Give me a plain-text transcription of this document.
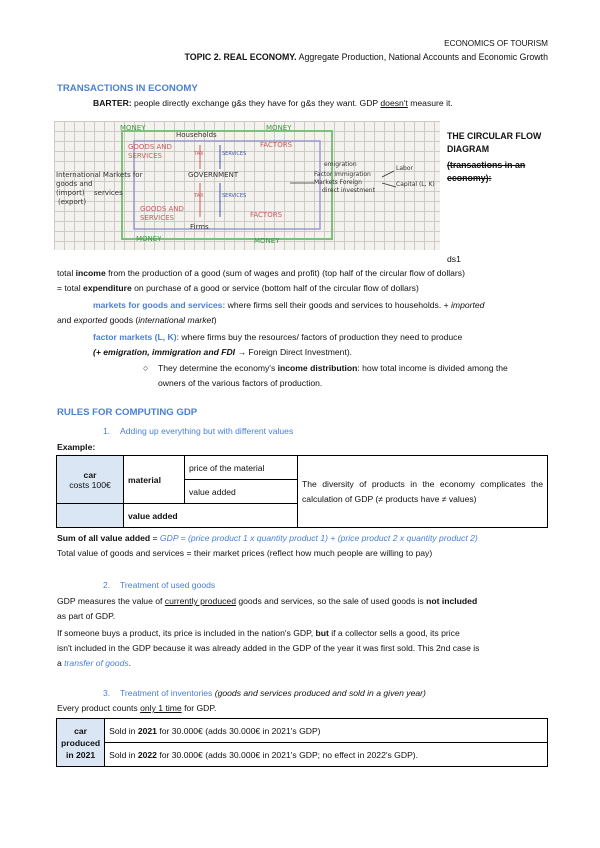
ECONOMICS OF TOURISM
TOPIC 2. REAL ECONOMY. Aggregate Production, National Accounts and Economic Growth
TRANSACTIONS IN ECONOMY
BARTER: people directly exchange g&s they have for g&s they want. GDP doesn't measure it.
MONEY	MONEY
Households
GOODS AND SERVICES
FACTORS
TAX	SERVICES
GOVERNMENT
International Markets for
goods and
services
(import)
(export)
TAX	SERVICES
GOODS AND SERVICES	FACTORS
Firms
MONEY	MONEY
Factor Immigration
Markets Foreign
direct investment
emigration
Labor
Capital (L, K)
THE CIRCULAR FLOW DIAGRAM
(transactions in an economy):
ds1
total income from the production of a good (sum of wages and profit) (top half of the circular flow of dollars)
= total expenditure on purchase of a good or service (bottom half of the circular flow of dollars)
markets for goods and services: where firms sell their goods and services to households. + imported
and exported goods (international market)
factor markets (L, K): where firms buy the resources/ factors of production they need to produce
(+ emigration, immigration and FDI → Foreign Direct Investment).
○ They determine the economy's income distribution: how total income is divided among the
owners of the various factors of production.
RULES FOR COMPUTING GDP
1. Adding up everything but with different values
Example:
car
costs 100€	material	price of the material	The diversity of products in the economy complicates the calculation of GDP (≠ products have ≠ values)
		value added	
	value added		
Sum of all value added = GDP = (price product 1 x quantity product 1) + (price product 2 x quantity product 2)
Total value of goods and services = their market prices (reflect how much people are willing to pay)
2. Treatment of used goods
GDP measures the value of currently produced goods and services, so the sale of used goods is not included
as part of GDP.
If someone buys a product, its price is included in the nation's GDP, but if a collector sells a good, its price
isn't included in the GDP because it was already added in the GDP of the year it was first sold. This 2nd case is
a transfer of goods.
3. Treatment of inventories (goods and services produced and sold in a given year)
Every product counts only 1 time for GDP.
car
produced
in 2021
	Sold in 2021 for 30.000€ (adds 30.000€ in 2021's GDP)
Sold in 2022 for 30.000€ (adds 30.000€ in 2021's GDP; no effect in 2022's GDP).
